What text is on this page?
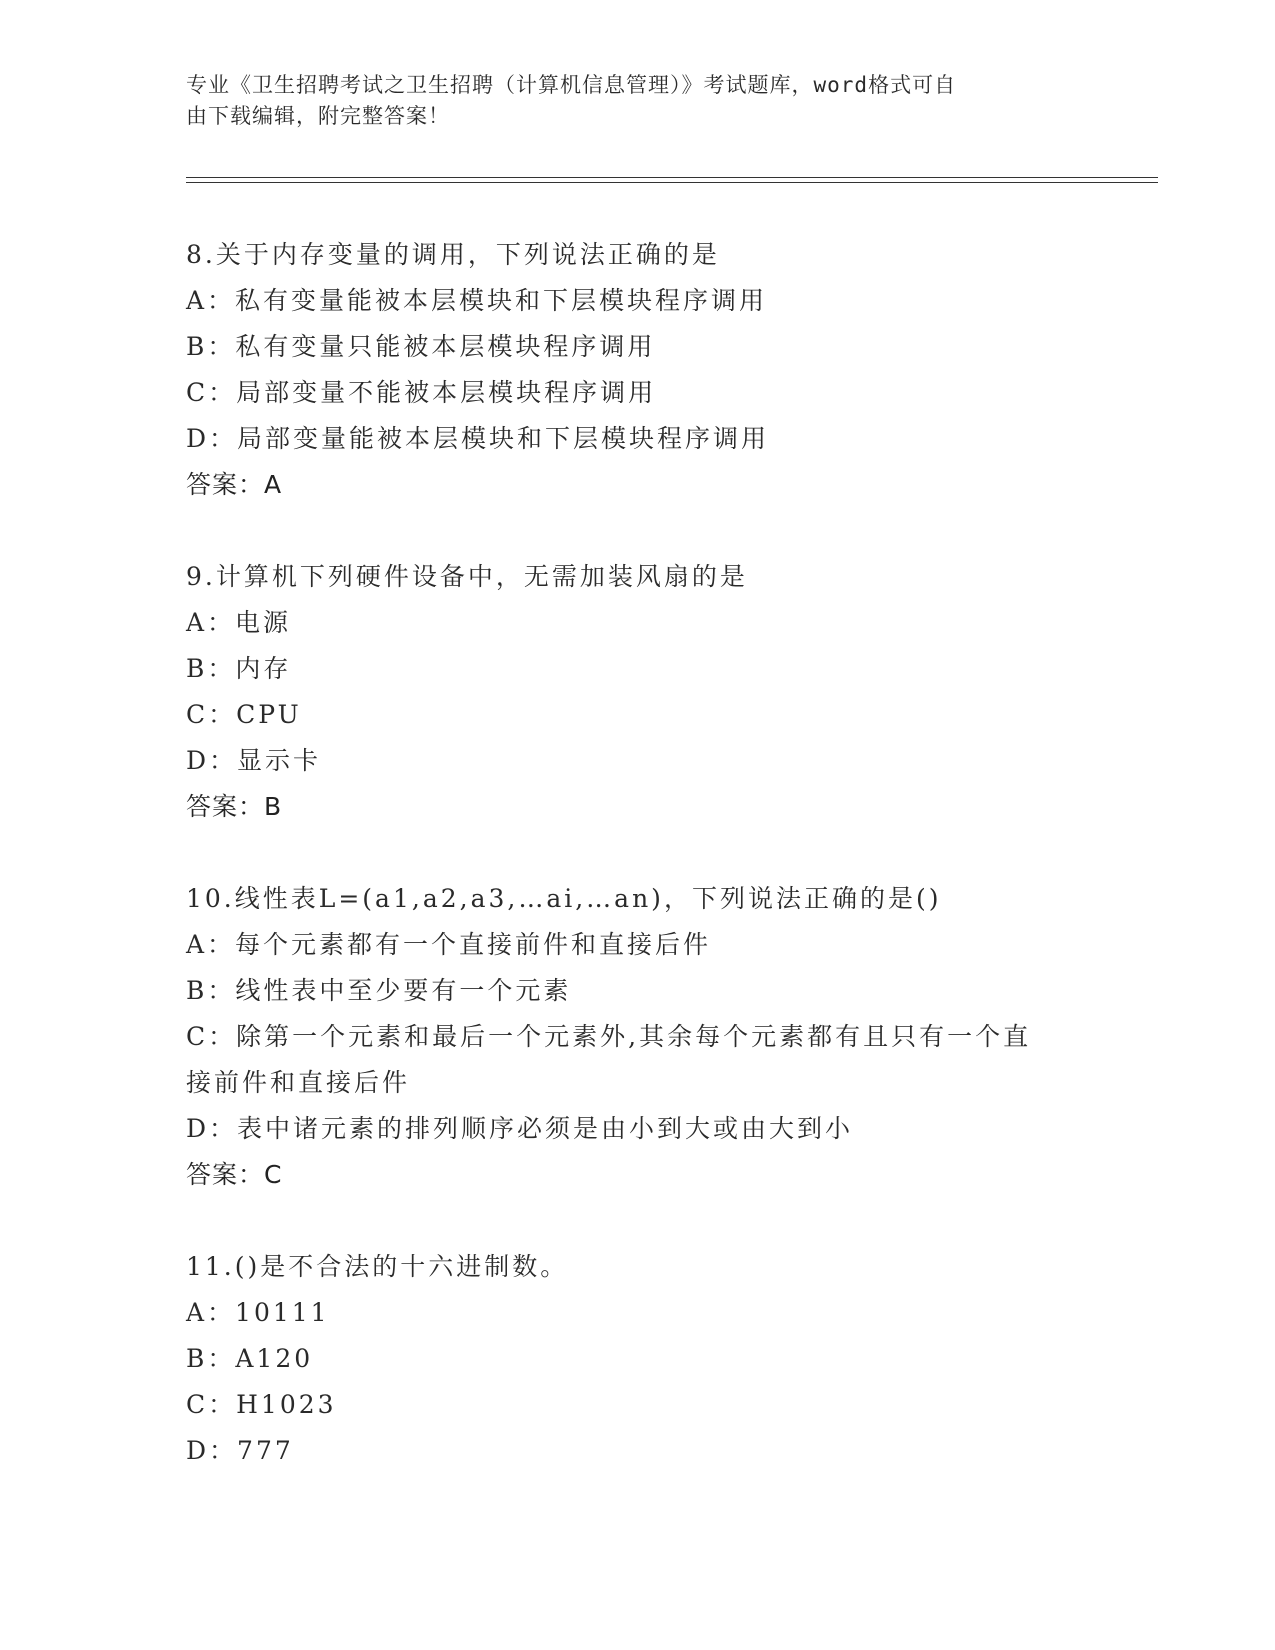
专业《卫生招聘考试之卫生招聘（计算机信息管理）》考试题库，word格式可自
由下载编辑，附完整答案！
8.关于内存变量的调用，下列说法正确的是
A：私有变量能被本层模块和下层模块程序调用
B：私有变量只能被本层模块程序调用
C：局部变量不能被本层模块程序调用
D：局部变量能被本层模块和下层模块程序调用
答案：A
9.计算机下列硬件设备中，无需加装风扇的是
A：电源
B：内存
C：CPU
D：显示卡
答案：B
10.线性表L=(a1,a2,a3,…ai,…an)，下列说法正确的是()
A：每个元素都有一个直接前件和直接后件
B：线性表中至少要有一个元素
C：除第一个元素和最后一个元素外,其余每个元素都有且只有一个直接前件和直接后件
D：表中诸元素的排列顺序必须是由小到大或由大到小
答案：C
11.()是不合法的十六进制数。
A：10111
B：A120
C：H1023
D：777
